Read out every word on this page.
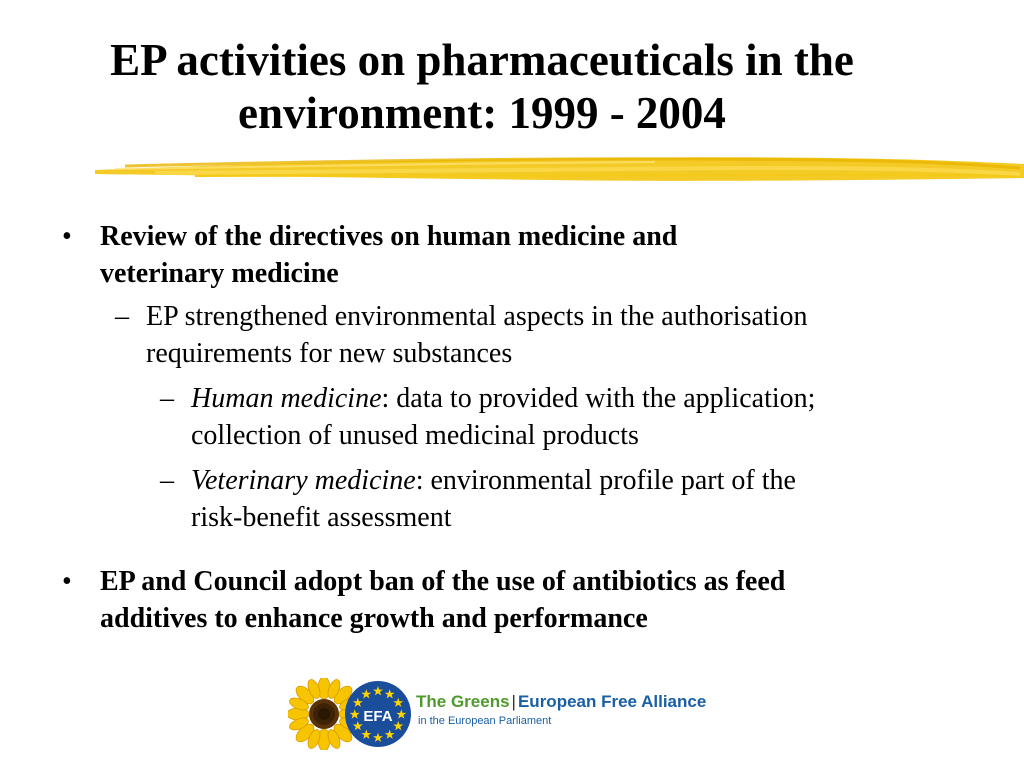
EP activities on pharmaceuticals in the
environment: 1999 - 2004

• Review of the directives on human medicine and
veterinary medicine

– EP strengthened environmental aspects in the authorisation
requirements for new substances

– Human medicine: data to provided with the application;
collection of unused medicinal products

– Veterinary medicine: environmental profile part of the
risk-benefit assessment

• EP and Council adopt ban of the use of antibiotics as feed
additives to enhance growth and performance

EFA
The Greens | European Free Alliance
in the European Parliament
